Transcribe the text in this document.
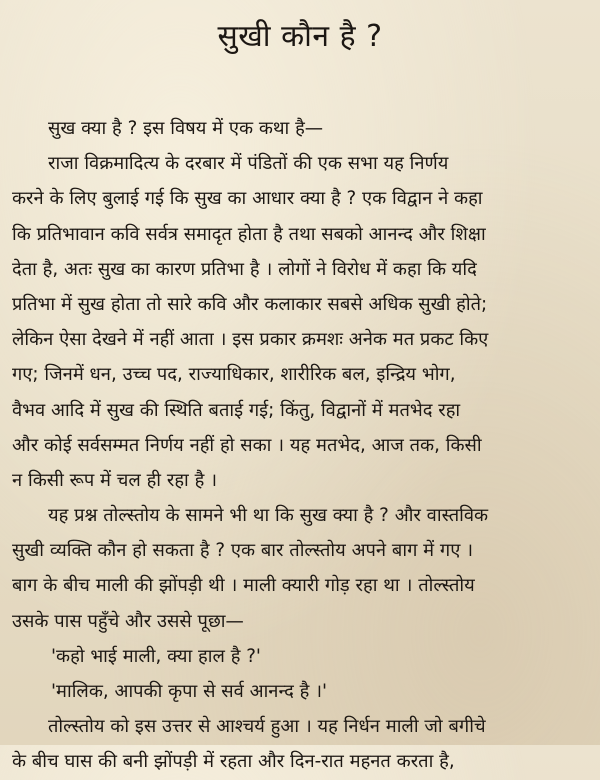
सुखी कौन है ?
सुख क्या है ? इस विषय में एक कथा है—
राजा विक्रमादित्य के दरबार में पंडितों की एक सभा यह निर्णय
करने के लिए बुलाई गई कि सुख का आधार क्या है ? एक विद्वान ने कहा
कि प्रतिभावान कवि सर्वत्र समादृत होता है तथा सबको आनन्द और शिक्षा
देता है, अतः सुख का कारण प्रतिभा है । लोगों ने विरोध में कहा कि यदि
प्रतिभा में सुख होता तो सारे कवि और कलाकार सबसे अधिक सुखी होते;
लेकिन ऐसा देखने में नहीं आता । इस प्रकार क्रमशः अनेक मत प्रकट किए
गए; जिनमें धन, उच्च पद, राज्याधिकार, शारीरिक बल, इन्द्रिय भोग,
वैभव आदि में सुख की स्थिति बताई गई; किंतु, विद्वानों में मतभेद रहा
और कोई सर्वसम्मत निर्णय नहीं हो सका । यह मतभेद, आज तक, किसी
न किसी रूप में चल ही रहा है ।
यह प्रश्न तोल्स्तोय के सामने भी था कि सुख क्या है ? और वास्तविक
सुखी व्यक्ति कौन हो सकता है ? एक बार तोल्स्तोय अपने बाग में गए ।
बाग के बीच माली की झोंपड़ी थी । माली क्यारी गोड़ रहा था । तोल्स्तोय
उसके पास पहुँचे और उससे पूछा—
'कहो भाई माली, क्या हाल है ?'
'मालिक, आपकी कृपा से सर्व आनन्द है ।'
तोल्स्तोय को इस उत्तर से आश्चर्य हुआ । यह निर्धन माली जो बगीचे
के बीच घास की बनी झोंपड़ी में रहता और दिन-रात महनत करता है,
